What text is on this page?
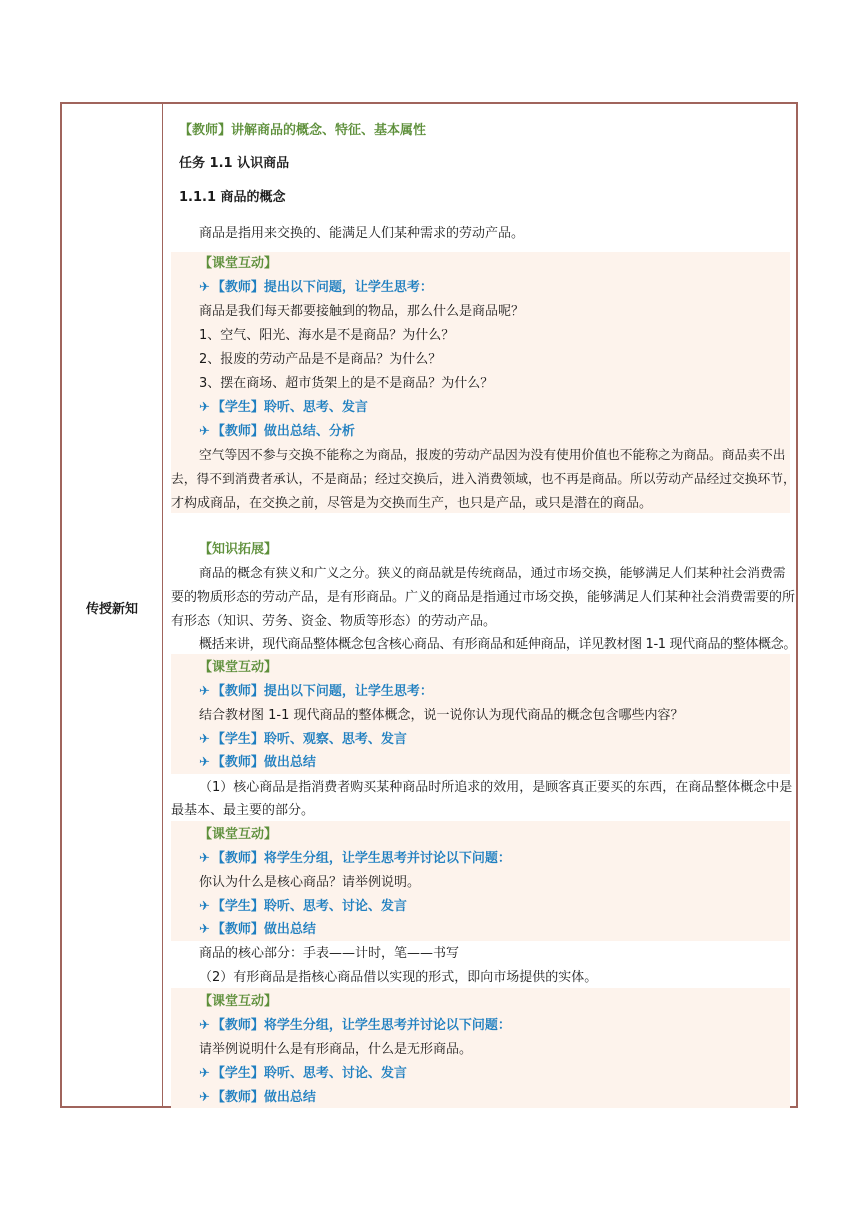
传授新知
【教师】讲解商品的概念、特征、基本属性
任务 1.1 认识商品
1.1.1 商品的概念
商品是指用来交换的、能满足人们某种需求的劳动产品。
【课堂互动】
✈ 【教师】提出以下问题，让学生思考：
商品是我们每天都要接触到的物品，那么什么是商品呢？
1、空气、阳光、海水是不是商品？为什么？
2、报废的劳动产品是不是商品？为什么？
3、摆在商场、超市货架上的是不是商品？为什么？
✈ 【学生】聆听、思考、发言
✈ 【教师】做出总结、分析
空气等因不参与交换不能称之为商品，报废的劳动产品因为没有使用价值也不能称之为商品。商品卖不出
去，得不到消费者承认，不是商品；经过交换后，进入消费领域，也不再是商品。所以劳动产品经过交换环节，
才构成商品，在交换之前，尽管是为交换而生产，也只是产品，或只是潜在的商品。
【知识拓展】
商品的概念有狭义和广义之分。狭义的商品就是传统商品，通过市场交换，能够满足人们某种社会消费需
要的物质形态的劳动产品，是有形商品。广义的商品是指通过市场交换，能够满足人们某种社会消费需要的所
有形态（知识、劳务、资金、物质等形态）的劳动产品。
概括来讲，现代商品整体概念包含核心商品、有形商品和延伸商品，详见教材图 1-1 现代商品的整体概念。
【课堂互动】
✈ 【教师】提出以下问题，让学生思考：
结合教材图 1-1 现代商品的整体概念，说一说你认为现代商品的概念包含哪些内容？
✈ 【学生】聆听、观察、思考、发言
✈ 【教师】做出总结
（1）核心商品是指消费者购买某种商品时所追求的效用，是顾客真正要买的东西，在商品整体概念中是
最基本、最主要的部分。
【课堂互动】
✈ 【教师】将学生分组，让学生思考并讨论以下问题：
你认为什么是核心商品？请举例说明。
✈ 【学生】聆听、思考、讨论、发言
✈ 【教师】做出总结
商品的核心部分：手表——计时，笔——书写
（2）有形商品是指核心商品借以实现的形式，即向市场提供的实体。
【课堂互动】
✈ 【教师】将学生分组，让学生思考并讨论以下问题：
请举例说明什么是有形商品，什么是无形商品。
✈ 【学生】聆听、思考、讨论、发言
✈ 【教师】做出总结
